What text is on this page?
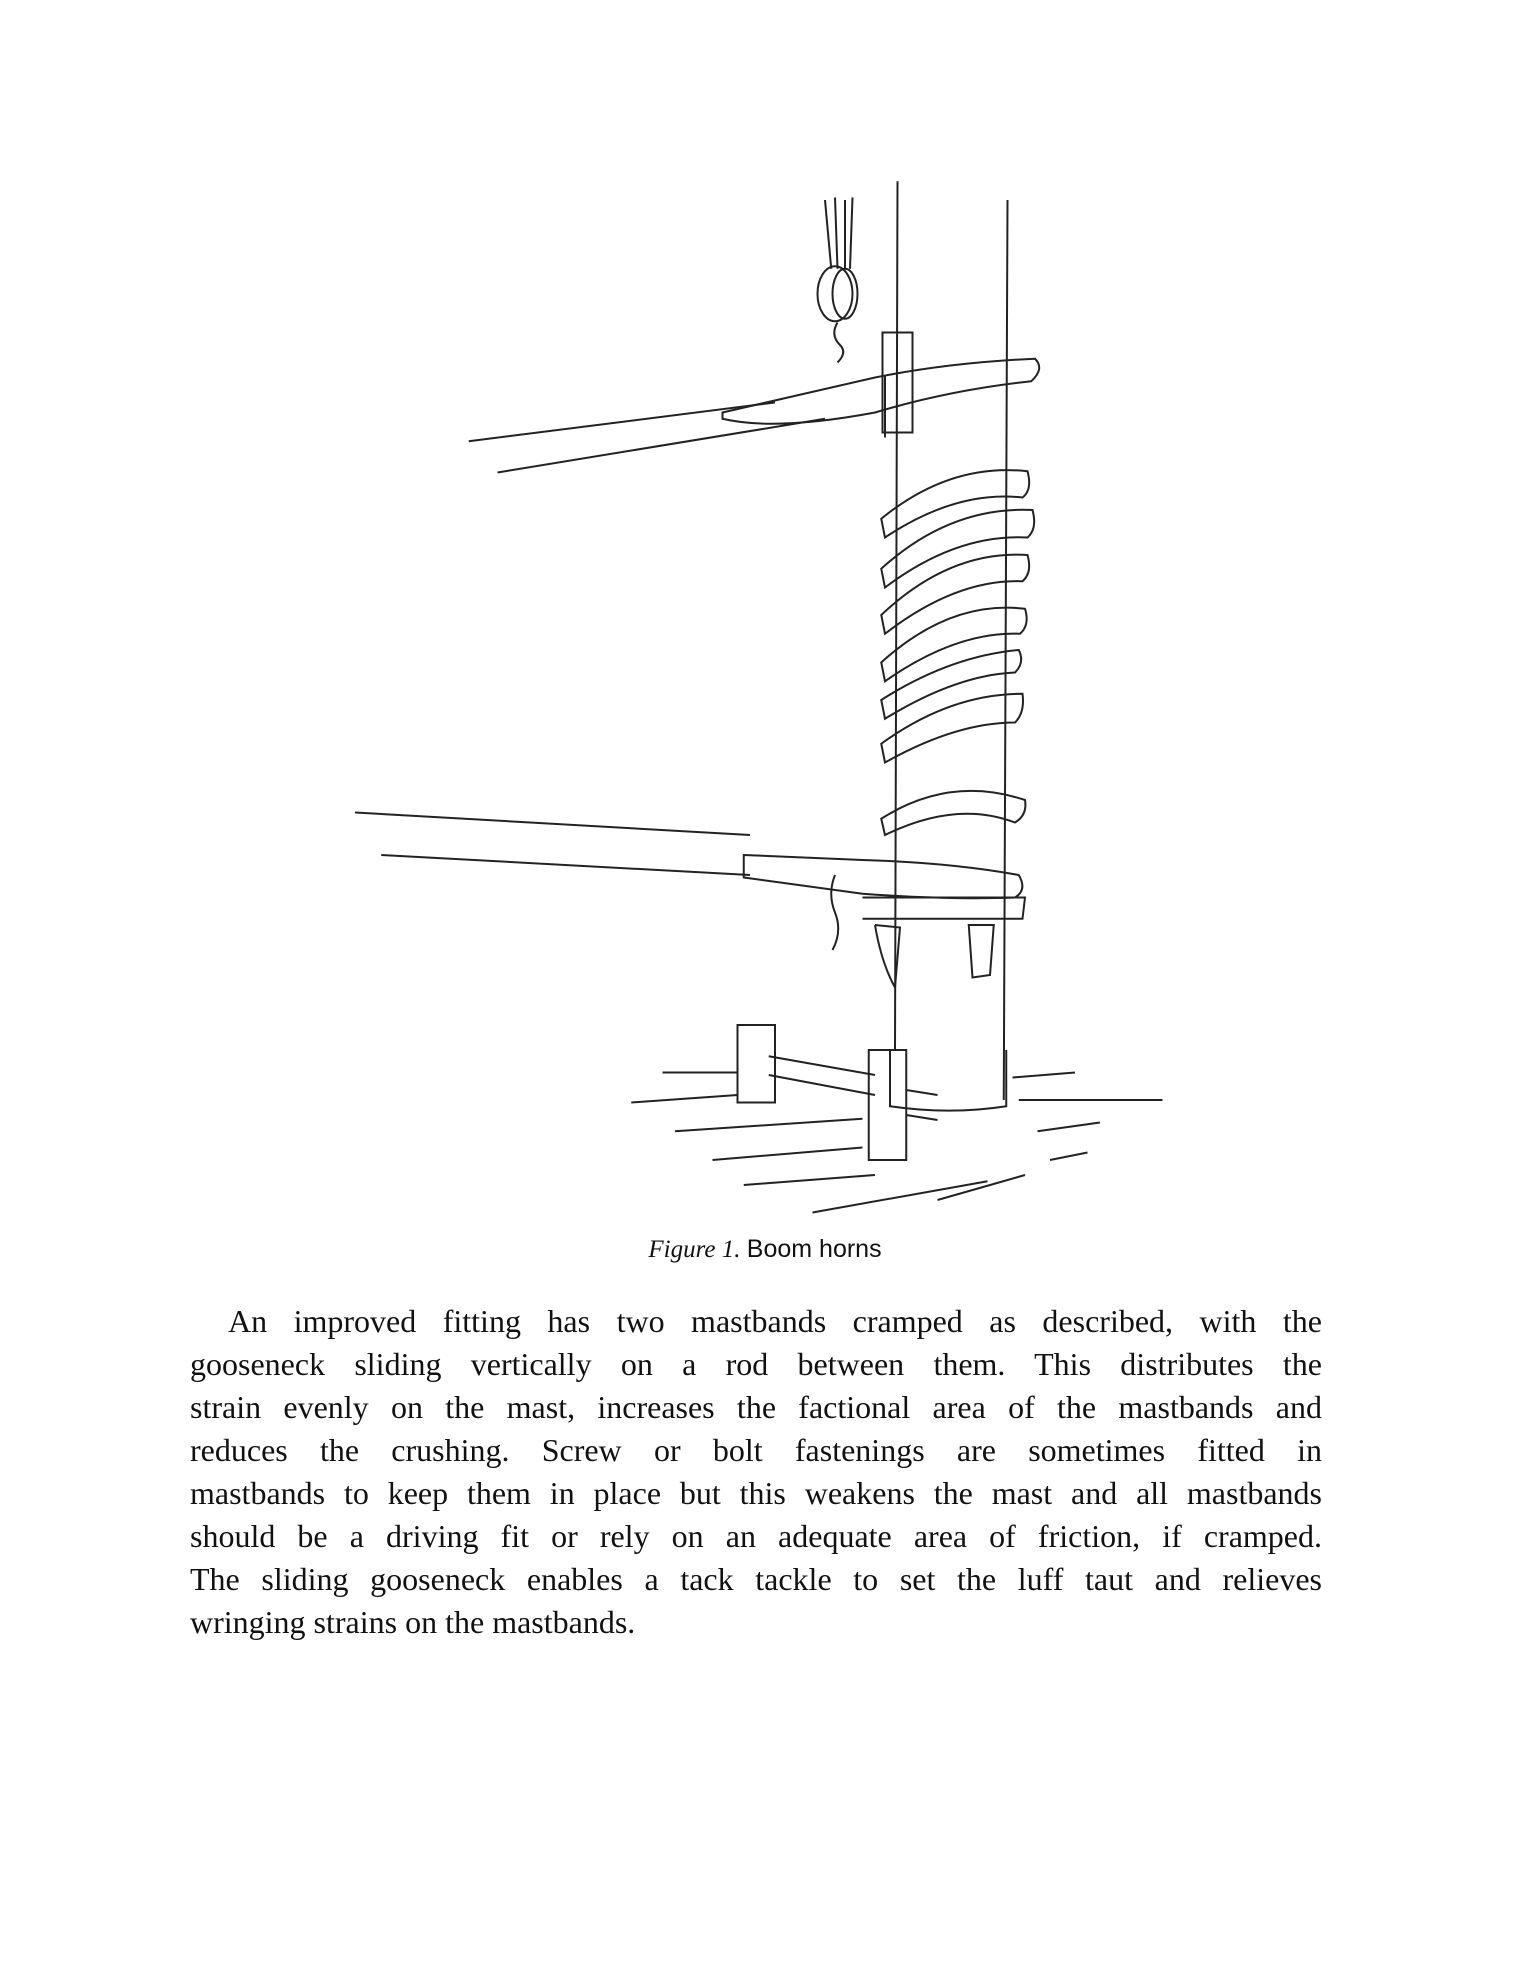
Figure 1. Boom horns
An improved fitting has two mastbands cramped as described, with the
gooseneck sliding vertically on a rod between them. This distributes the
strain evenly on the mast, increases the factional area of the mastbands and
reduces the crushing. Screw or bolt fastenings are sometimes fitted in
mastbands to keep them in place but this weakens the mast and all mastbands
should be a driving fit or rely on an adequate area of friction, if cramped.
The sliding gooseneck enables a tack tackle to set the luff taut and relieves
wringing strains on the mastbands.
